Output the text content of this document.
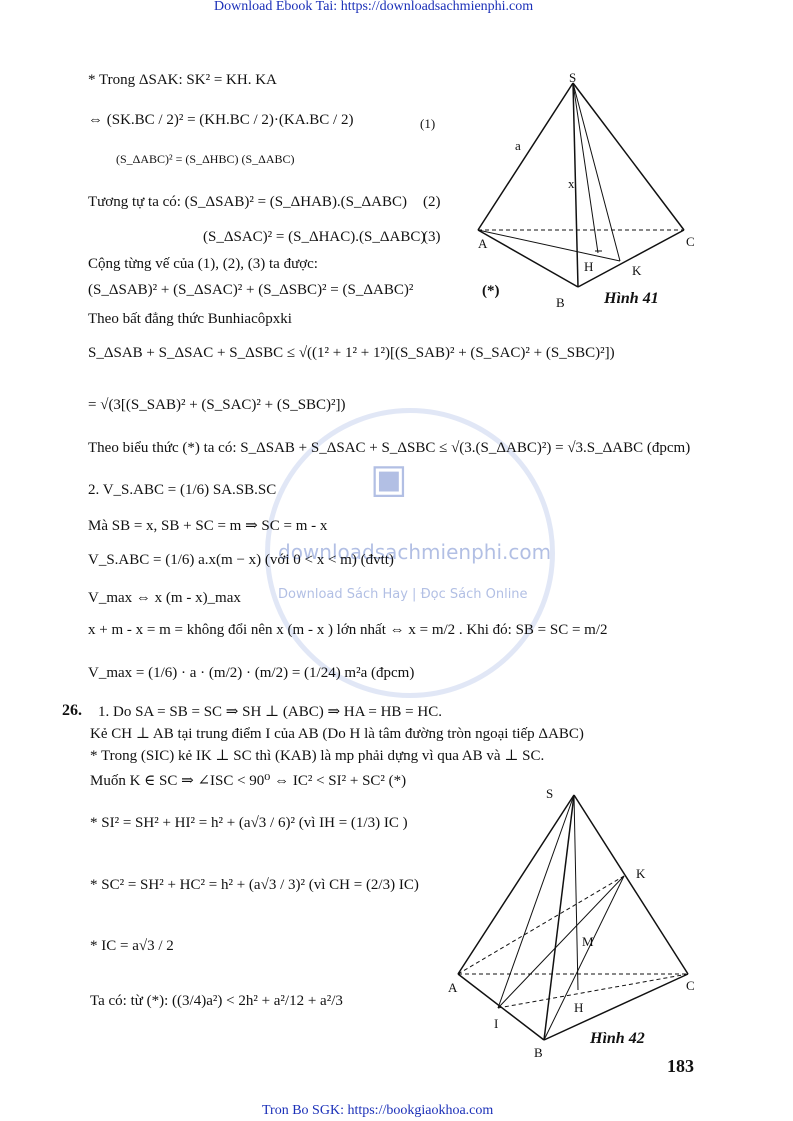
Download Ebook Tai: https://downloadsachmienphi.com
Tron Bo SGK: https://bookgiaokhoa.com
183
▣
downloadsachmienphi.com
Download Sách Hay | Đọc Sách Online
* Trong ΔSAK: SK² = KH. KA
⇔ (SK.BC / 2)² = (KH.BC / 2)·(KA.BC / 2)
(S_ΔABC)² = (S_ΔHBC) (S_ΔABC)
(1)
Tương tự ta có: (S_ΔSAB)² = (S_ΔHAB).(S_ΔABC) (2)
(S_ΔSAC)² = (S_ΔHAC).(S_ΔABC)
(3)
Cộng từng vế của (1), (2), (3) ta được:
(S_ΔSAB)² + (S_ΔSAC)² + (S_ΔSBC)² = (S_ΔABC)²	(*)
Theo bất đẳng thức Bunhiacôpxki
S_ΔSAB + S_ΔSAC + S_ΔSBC ≤ √((1² + 1² + 1²)[(S_SAB)² + (S_SAC)² + (S_SBC)²])
= √(3[(S_SAB)² + (S_SAC)² + (S_SBC)²])
Theo biểu thức (*) ta có: S_ΔSAB + S_ΔSAC + S_ΔSBC ≤ √(3.(S_ΔABC)²) = √3.S_ΔABC (đpcm)
2. V_S.ABC = (1/6) SA.SB.SC
Mà SB = x, SB + SC = m ⇒ SC = m - x
V_S.ABC = (1/6) a.x(m − x) (với 0 < x < m) (đvtt)
V_max ⇔ x (m - x)_max
x + m - x = m = không đổi nên x (m - x ) lớn nhất ⇔ x = m/2 . Khi đó: SB = SC = m/2
V_max = (1/6) · a · (m/2) · (m/2) = (1/24) m²a (đpcm)
26. 1. Do SA = SB = SC ⇒ SH ⊥ (ABC) ⇒ HA = HB = HC.
Kẻ CH ⊥ AB tại trung điểm I của AB (Do H là tâm đường tròn ngoại tiếp ΔABC)
* Trong (SIC) kẻ IK ⊥ SC thì (KAB) là mp phải dựng vì qua AB và ⊥ SC.
Muốn K ∈ SC ⇒ ∠ISC < 90⁰ ⇔ IC² < SI² + SC² (*)
* SI² = SH² + HI² = h² + (a√3 / 6)² (vì IH = (1/3) IC )
* SC² = SH² + HC² = h² + (a√3 / 3)² (vì CH = (2/3) IC)
* IC = a√3 / 2
Ta có: từ (*): ((3/4)a²) < 2h² + a²/12 + a²/3
S
a
x
A	C
H	K
B Hình 41
S
K
M
A	C
H
I
B
Hình 42
